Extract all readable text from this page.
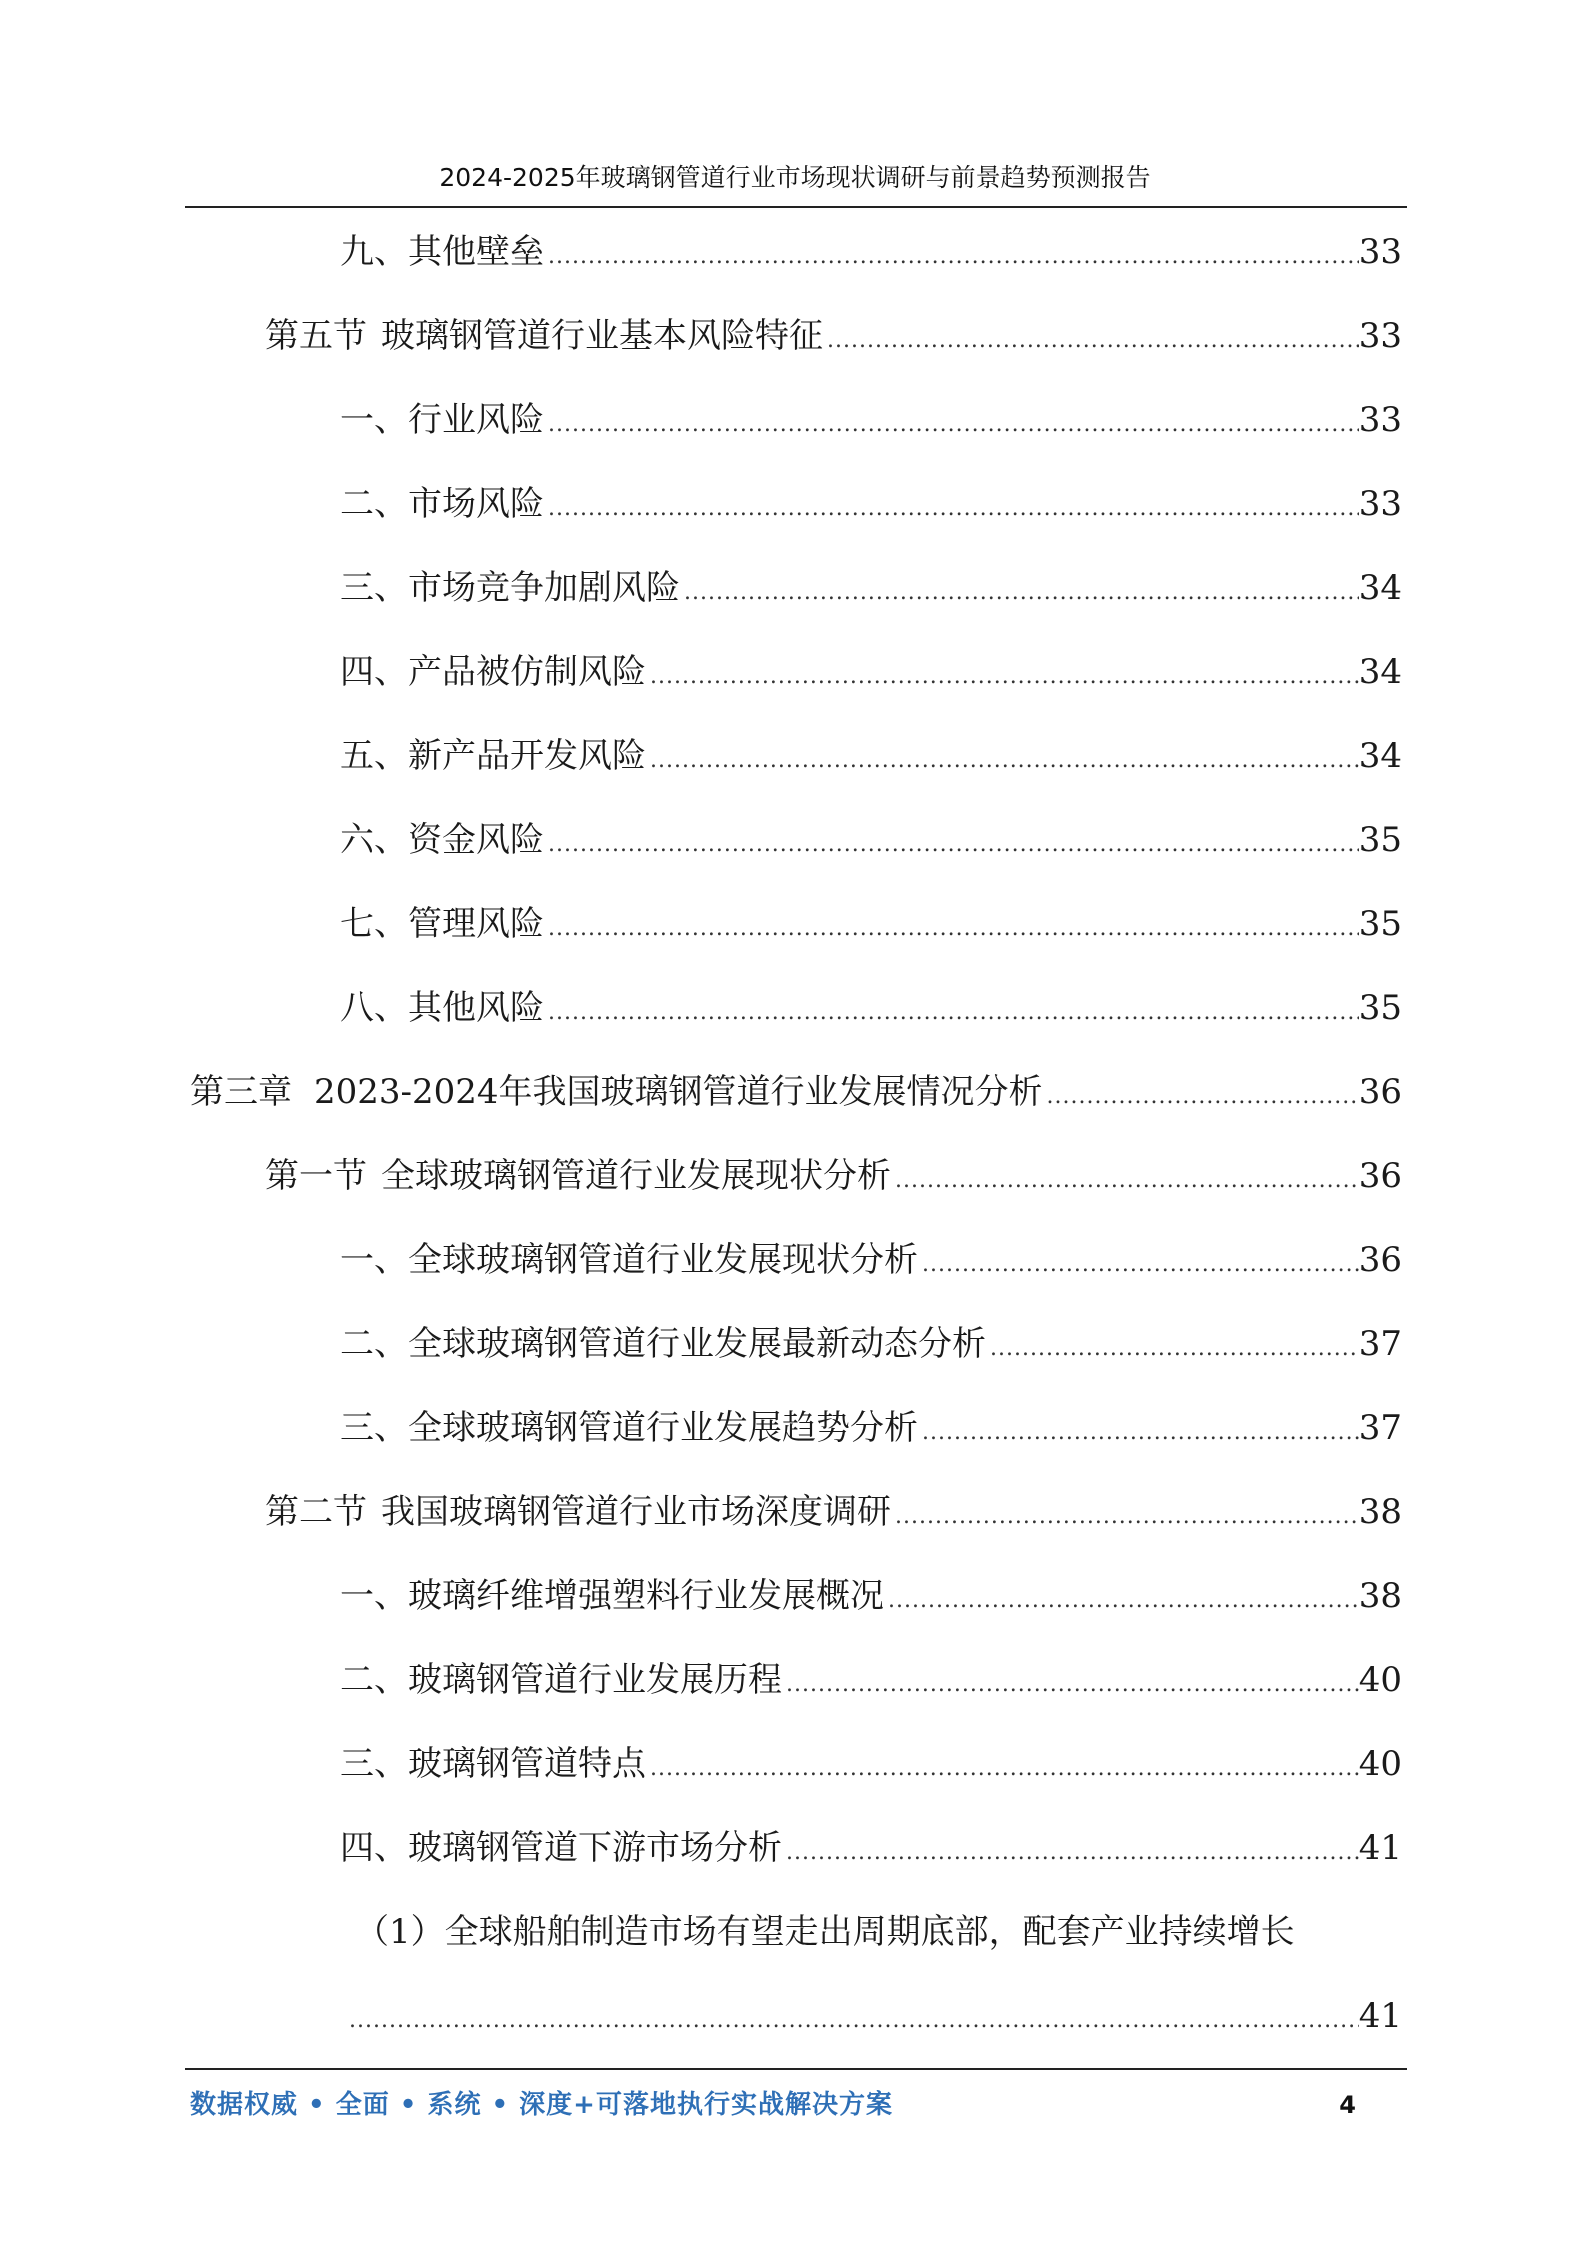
2024-2025年玻璃钢管道行业市场现状调研与前景趋势预测报告
九、其他壁垒 .....	33
第五节 玻璃钢管道行业基本风险特征 .....	33
一、行业风险 .....	33
二、市场风险 .....	33
三、市场竞争加剧风险 .....	34
四、产品被仿制风险 .....	34
五、新产品开发风险 .....	34
六、资金风险 .....	35
七、管理风险 .....	35
八、其他风险 .....	35
第三章 2023-2024年我国玻璃钢管道行业发展情况分析 .....	36
第一节 全球玻璃钢管道行业发展现状分析 .....	36
一、全球玻璃钢管道行业发展现状分析 .....	36
二、全球玻璃钢管道行业发展最新动态分析 .....	37
三、全球玻璃钢管道行业发展趋势分析 .....	37
第二节 我国玻璃钢管道行业市场深度调研 .....	38
一、玻璃纤维增强塑料行业发展概况 .....	38
二、玻璃钢管道行业发展历程 .....	40
三、玻璃钢管道特点 .....	40
四、玻璃钢管道下游市场分析 .....	41
（1）全球船舶制造市场有望走出周期底部，配套产业持续增长
.....
41
数据权威 • 全面 • 系统 • 深度+可落地执行实战解决方案	4
